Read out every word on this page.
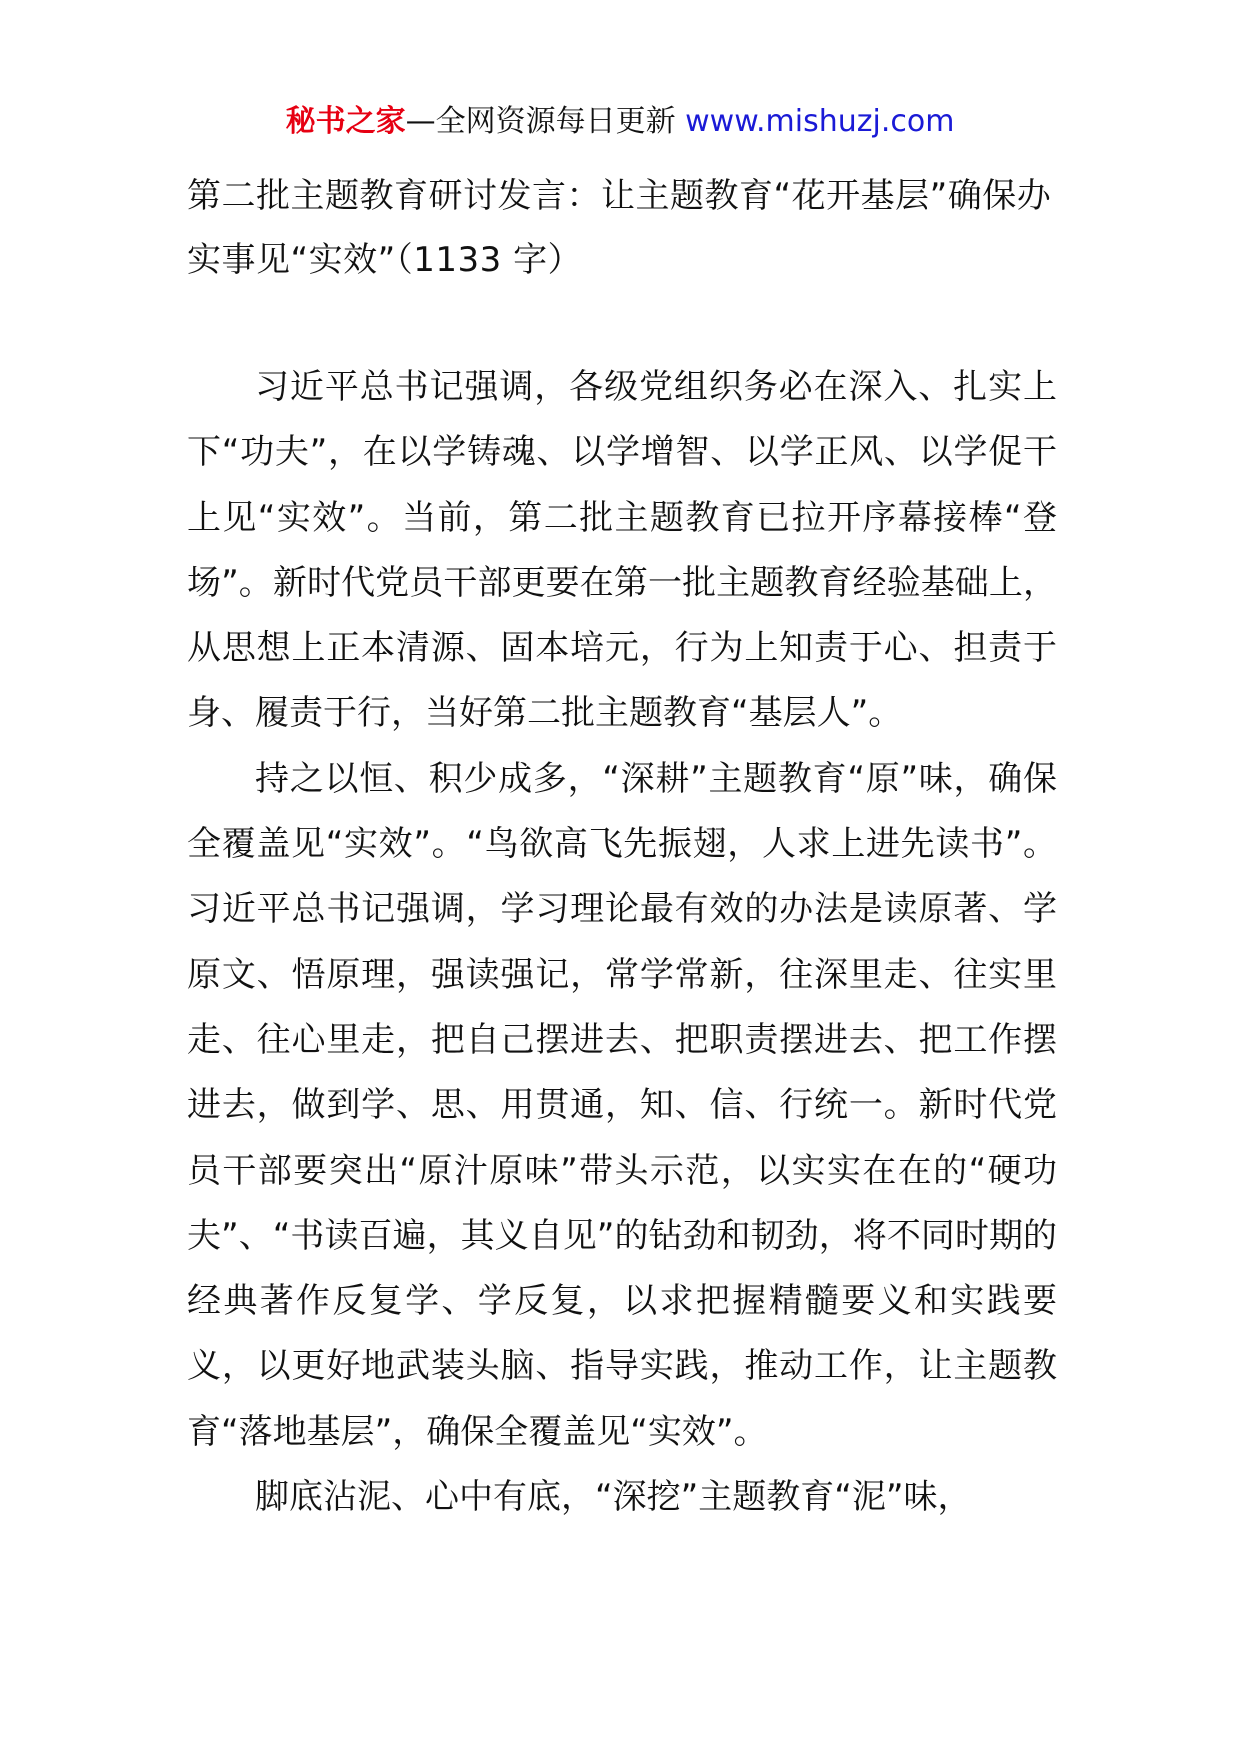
秘书之家—全网资源每日更新 www.mishuzj.com
第二批主题教育研讨发言：让主题教育“花开基层”确保办实事见“实效”（1133 字）

习近平总书记强调，各级党组织务必在深入、扎实上下“功夫”，在以学铸魂、以学增智、以学正风、以学促干上见“实效”。当前，第二批主题教育已拉开序幕接棒“登场”。新时代党员干部更要在第一批主题教育经验基础上，从思想上正本清源、固本培元，行为上知责于心、担责于身、履责于行，当好第二批主题教育“基层人”。

持之以恒、积少成多，“深耕”主题教育“原”味，确保全覆盖见“实效”。“鸟欲高飞先振翅，人求上进先读书”。习近平总书记强调，学习理论最有效的办法是读原著、学原文、悟原理，强读强记，常学常新，往深里走、往实里走、往心里走，把自己摆进去、把职责摆进去、把工作摆进去，做到学、思、用贯通，知、信、行统一。新时代党员干部要突出“原汁原味”带头示范，以实实在在的“硬功夫”、“书读百遍，其义自见”的钻劲和韧劲，将不同时期的经典著作反复学、学反复，以求把握精髓要义和实践要义，以更好地武装头脑、指导实践，推动工作，让主题教育“落地基层”，确保全覆盖见“实效”。

脚底沾泥、心中有底，“深挖”主题教育“泥”味，
